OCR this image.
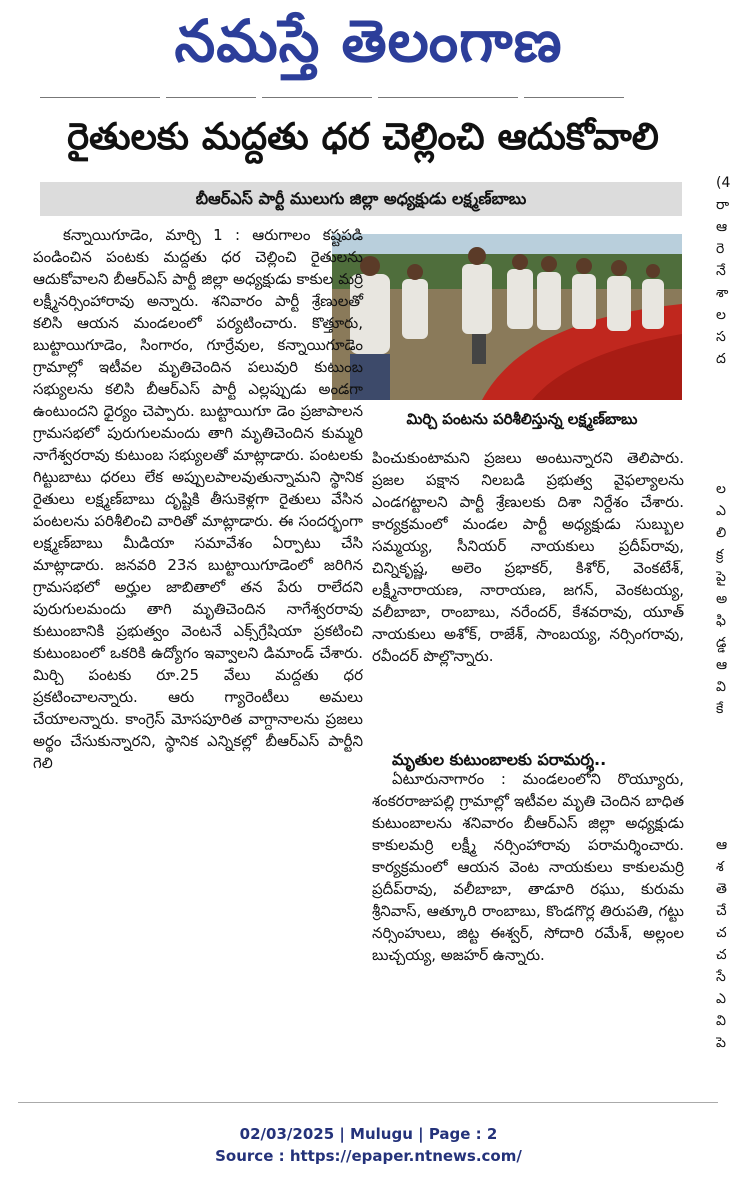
నమస్తే తెలంగాణ
రైతులకు మద్దతు ధర చెల్లించి ఆదుకోవాలి
బీఆర్ఎస్ పార్టీ ములుగు జిల్లా అధ్యక్షుడు లక్ష్మణ్‌బాబు
మిర్చి పంటను పరిశీలిస్తున్న లక్ష్మణ్‌బాబు

కన్నాయిగూడెం, మార్చి 1 : ఆరుగాలం కష్టపడి పండించిన పంటకు మద్దతు ధర చెల్లించి రైతులను ఆదుకోవాలని బీఆర్ఎస్ పార్టీ జిల్లా అధ్యక్షుడు కాకుల మర్రి లక్ష్మీనర్సింహారావు అన్నారు. శనివారం పార్టీ శ్రేణులతో కలిసి ఆయన మండలంలో పర్యటించారు. కొత్తూరు, బుట్టాయిగూడెం, సింగారం, గూర్రేవుల, కన్నాయిగూడెం గ్రామాల్లో ఇటీవల మృతిచెందిన పలువురి కుటుంబ సభ్యులను కలిసి బీఆర్ఎస్ పార్టీ ఎల్లప్పుడు అండగా ఉంటుందని ధైర్యం చెప్పారు. బుట్టాయిగూ డెం ప్రజాపాలన గ్రామసభలో పురుగులమందు తాగి మృతిచెందిన కుమ్మరి నాగేశ్వరరావు కుటుంబ సభ్యులతో మాట్లాడారు. పంటలకు గిట్టుబాటు ధరలు లేక అప్పులపాలవుతున్నామని స్థానిక రైతులు లక్ష్మణ్‌బాబు దృష్టికి తీసుకెళ్లగా రైతులు వేసిన పంటలను పరిశీలించి వారితో మాట్లాడారు. ఈ సందర్భంగా లక్ష్మణ్‌బాబు మీడియా సమావేశం ఏర్పాటు చేసి మాట్లాడారు. జనవరి 23న బుట్టాయిగూడెంలో జరిగిన గ్రామసభలో అర్హుల జాబితాలో తన పేరు రాలేదని పురుగులమందు తాగి మృతిచెందిన నాగేశ్వరరావు కుటుంబానికి ప్రభుత్వం వెంటనే ఎక్స్‌గ్రేషియా ప్రకటించి కుటుంబంలో ఒకరికి ఉద్యోగం ఇవ్వాలని డిమాండ్ చేశారు. మిర్చి పంటకు రూ.25 వేలు మద్దతు ధర ప్రకటించాలన్నారు. ఆరు గ్యారెంటీలు అమలు చేయాలన్నారు. కాంగ్రెస్ మోసపూరిత వాగ్దానాలను ప్రజలు అర్థం చేసుకున్నారని, స్థానిక ఎన్నికల్లో బీఆర్ఎస్ పార్టీని గెలి

పించుకుంటామని ప్రజలు అంటున్నారని తెలిపారు. ప్రజల పక్షాన నిలబడి ప్రభుత్వ వైఫల్యాలను ఎండగట్టాలని పార్టీ శ్రేణులకు దిశా నిర్దేశం చేశారు. కార్యక్రమంలో మండల పార్టీ అధ్యక్షుడు సుబ్బుల సమ్మయ్య, సీనియర్ నాయకులు ప్రదీప్‌రావు, చిన్నికృష్ణ, అలెం ప్రభాకర్, కిశోర్, వెంకటేశ్, లక్ష్మీనారాయణ, నారాయణ, జగన్, వెంకటయ్య, వలీబాబా, రాంబాబు, నరేందర్, కేశవరావు, యూత్ నాయకులు అశోక్, రాజేశ్, సాంబయ్య, నర్సింగరావు, రవీందర్ పొల్లొన్నారు.

మృతుల కుటుంబాలకు పరామర్శ..

ఏటూరునాగారం : మండలంలోని రొయ్యూరు, శంకరరాజుపల్లి గ్రామాల్లో ఇటీవల మృతి చెందిన బాధిత కుటుంబాలను శనివారం బీఆర్ఎస్ జిల్లా అధ్యక్షుడు కాకులమర్రి లక్ష్మీ నర్సింహారావు పరామర్శించారు. కార్యక్రమంలో ఆయన వెంట నాయకులు కాకులమర్రి ప్రదీప్‌రావు, వలీబాబా, తాడూరి రఘు, కురుమ శ్రీనివాస్, ఆత్కూరి రాంబాబు, కొండగొర్ల తిరుపతి, గట్టు నర్సింహులు, జిట్ట ఈశ్వర్, సోదారి రమేశ్, అల్లంల బుచ్చయ్య, అజహర్ ఉన్నారు.

(4
రా
ఆ
రె
నే
శా
ల
స
ద
ల
ఎ
లి
క్ర
పై
అ
ఫి
డ్డ
ఆ
వి
కే
ఆ
శ
తె
చే
చ
చ
సే
ఎ
వి
పె
02/03/2025 | Mulugu | Page : 2
Source : https://epaper.ntnews.com/
